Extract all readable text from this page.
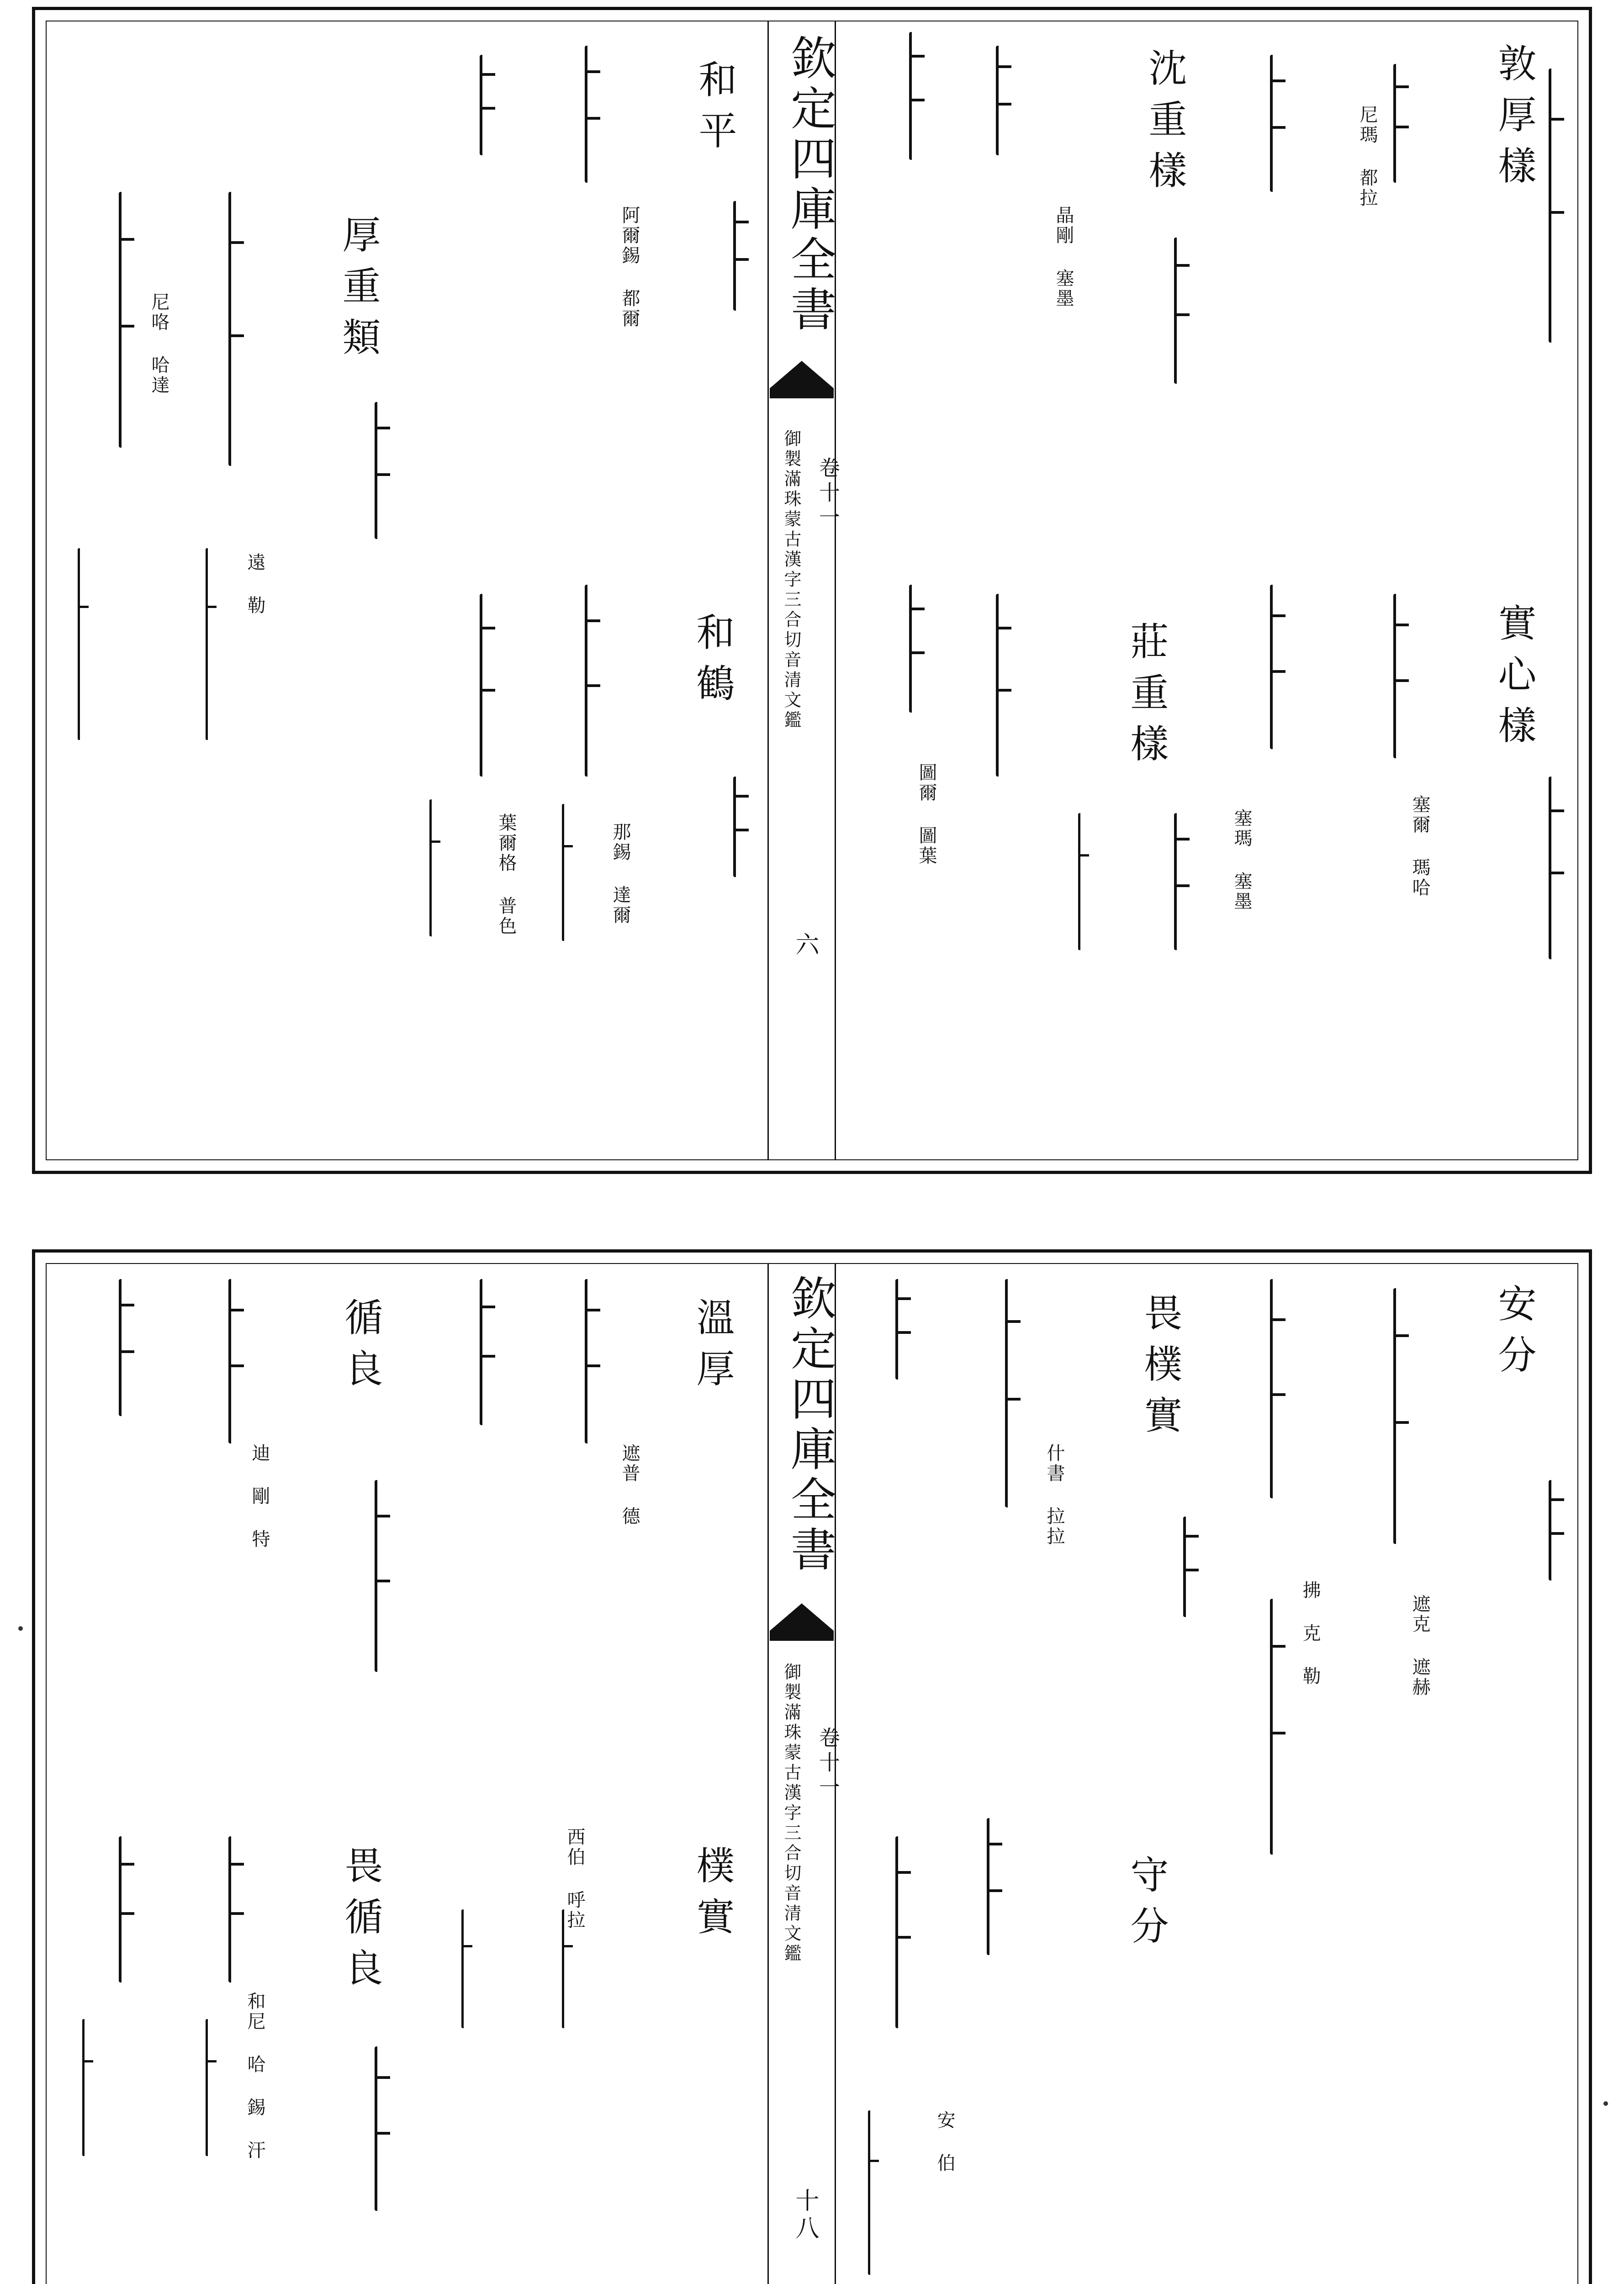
欽定四庫全書
卷十一
御製滿珠蒙古漢字三合切音清文鑑
六
敦厚樣
實心樣
沈重樣
莊重樣
和平
和鶴
厚重類
尼瑪 都拉
塞爾 瑪哈
塞瑪 塞墨
晶剛 塞墨
圖爾 圖葉
那錫 達爾
阿爾錫 都爾
葉爾格 普色
尼咯 哈達
遠 勒
欽定四庫全書
卷十一
御製滿珠蒙古漢字三合切音清文鑑
十八
安分
守分
畏樸實
溫厚
樸實
循良
畏循良
遮克 遮赫
安 伯
什書 拉拉
西伯 呼拉
遮普 德
迪 剛 特
和尼 哈 錫 汗
拂 克 勒
